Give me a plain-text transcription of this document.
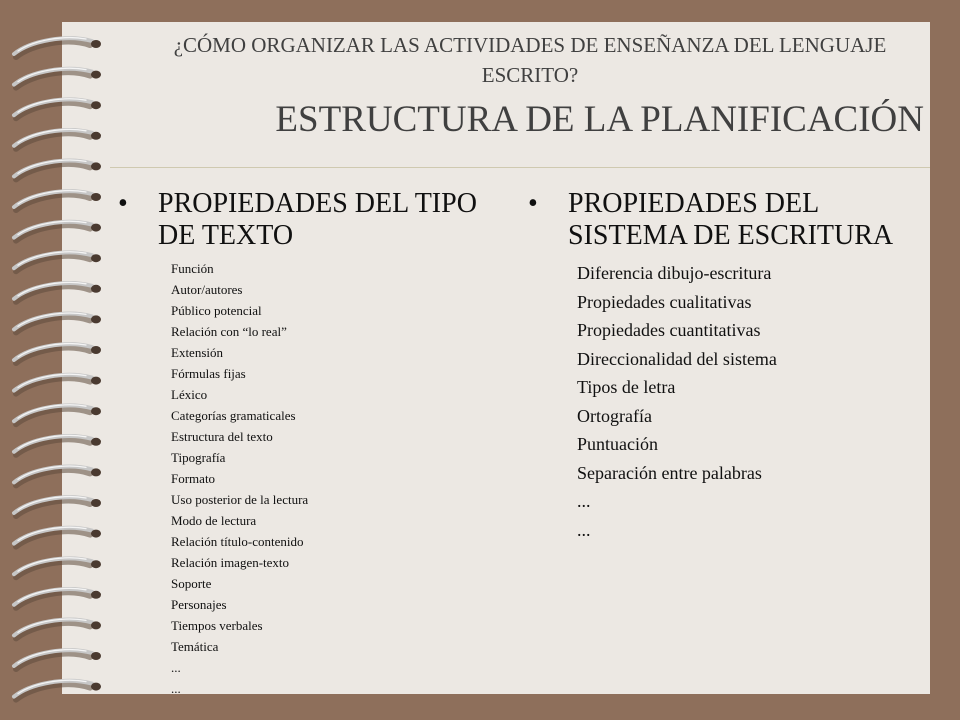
¿CÓMO ORGANIZAR LAS ACTIVIDADES DE ENSEÑANZA DEL LENGUAJE ESCRITO?
ESTRUCTURA DE LA PLANIFICACIÓN
•	PROPIEDADES DEL TIPO DE TEXTO
Función
Autor/autores
Público potencial
Relación con “lo real”
Extensión
Fórmulas fijas
Léxico
Categorías gramaticales
Estructura del texto
Tipografía
Formato
Uso posterior de la lectura
Modo de lectura
Relación título-contenido
Relación imagen-texto
Soporte
Personajes
Tiempos verbales
Temática
...
...
•	PROPIEDADES DEL SISTEMA DE ESCRITURA
Diferencia dibujo-escritura
Propiedades cualitativas
Propiedades cuantitativas
Direccionalidad del sistema
Tipos de letra
Ortografía
Puntuación
Separación entre palabras
...
...
